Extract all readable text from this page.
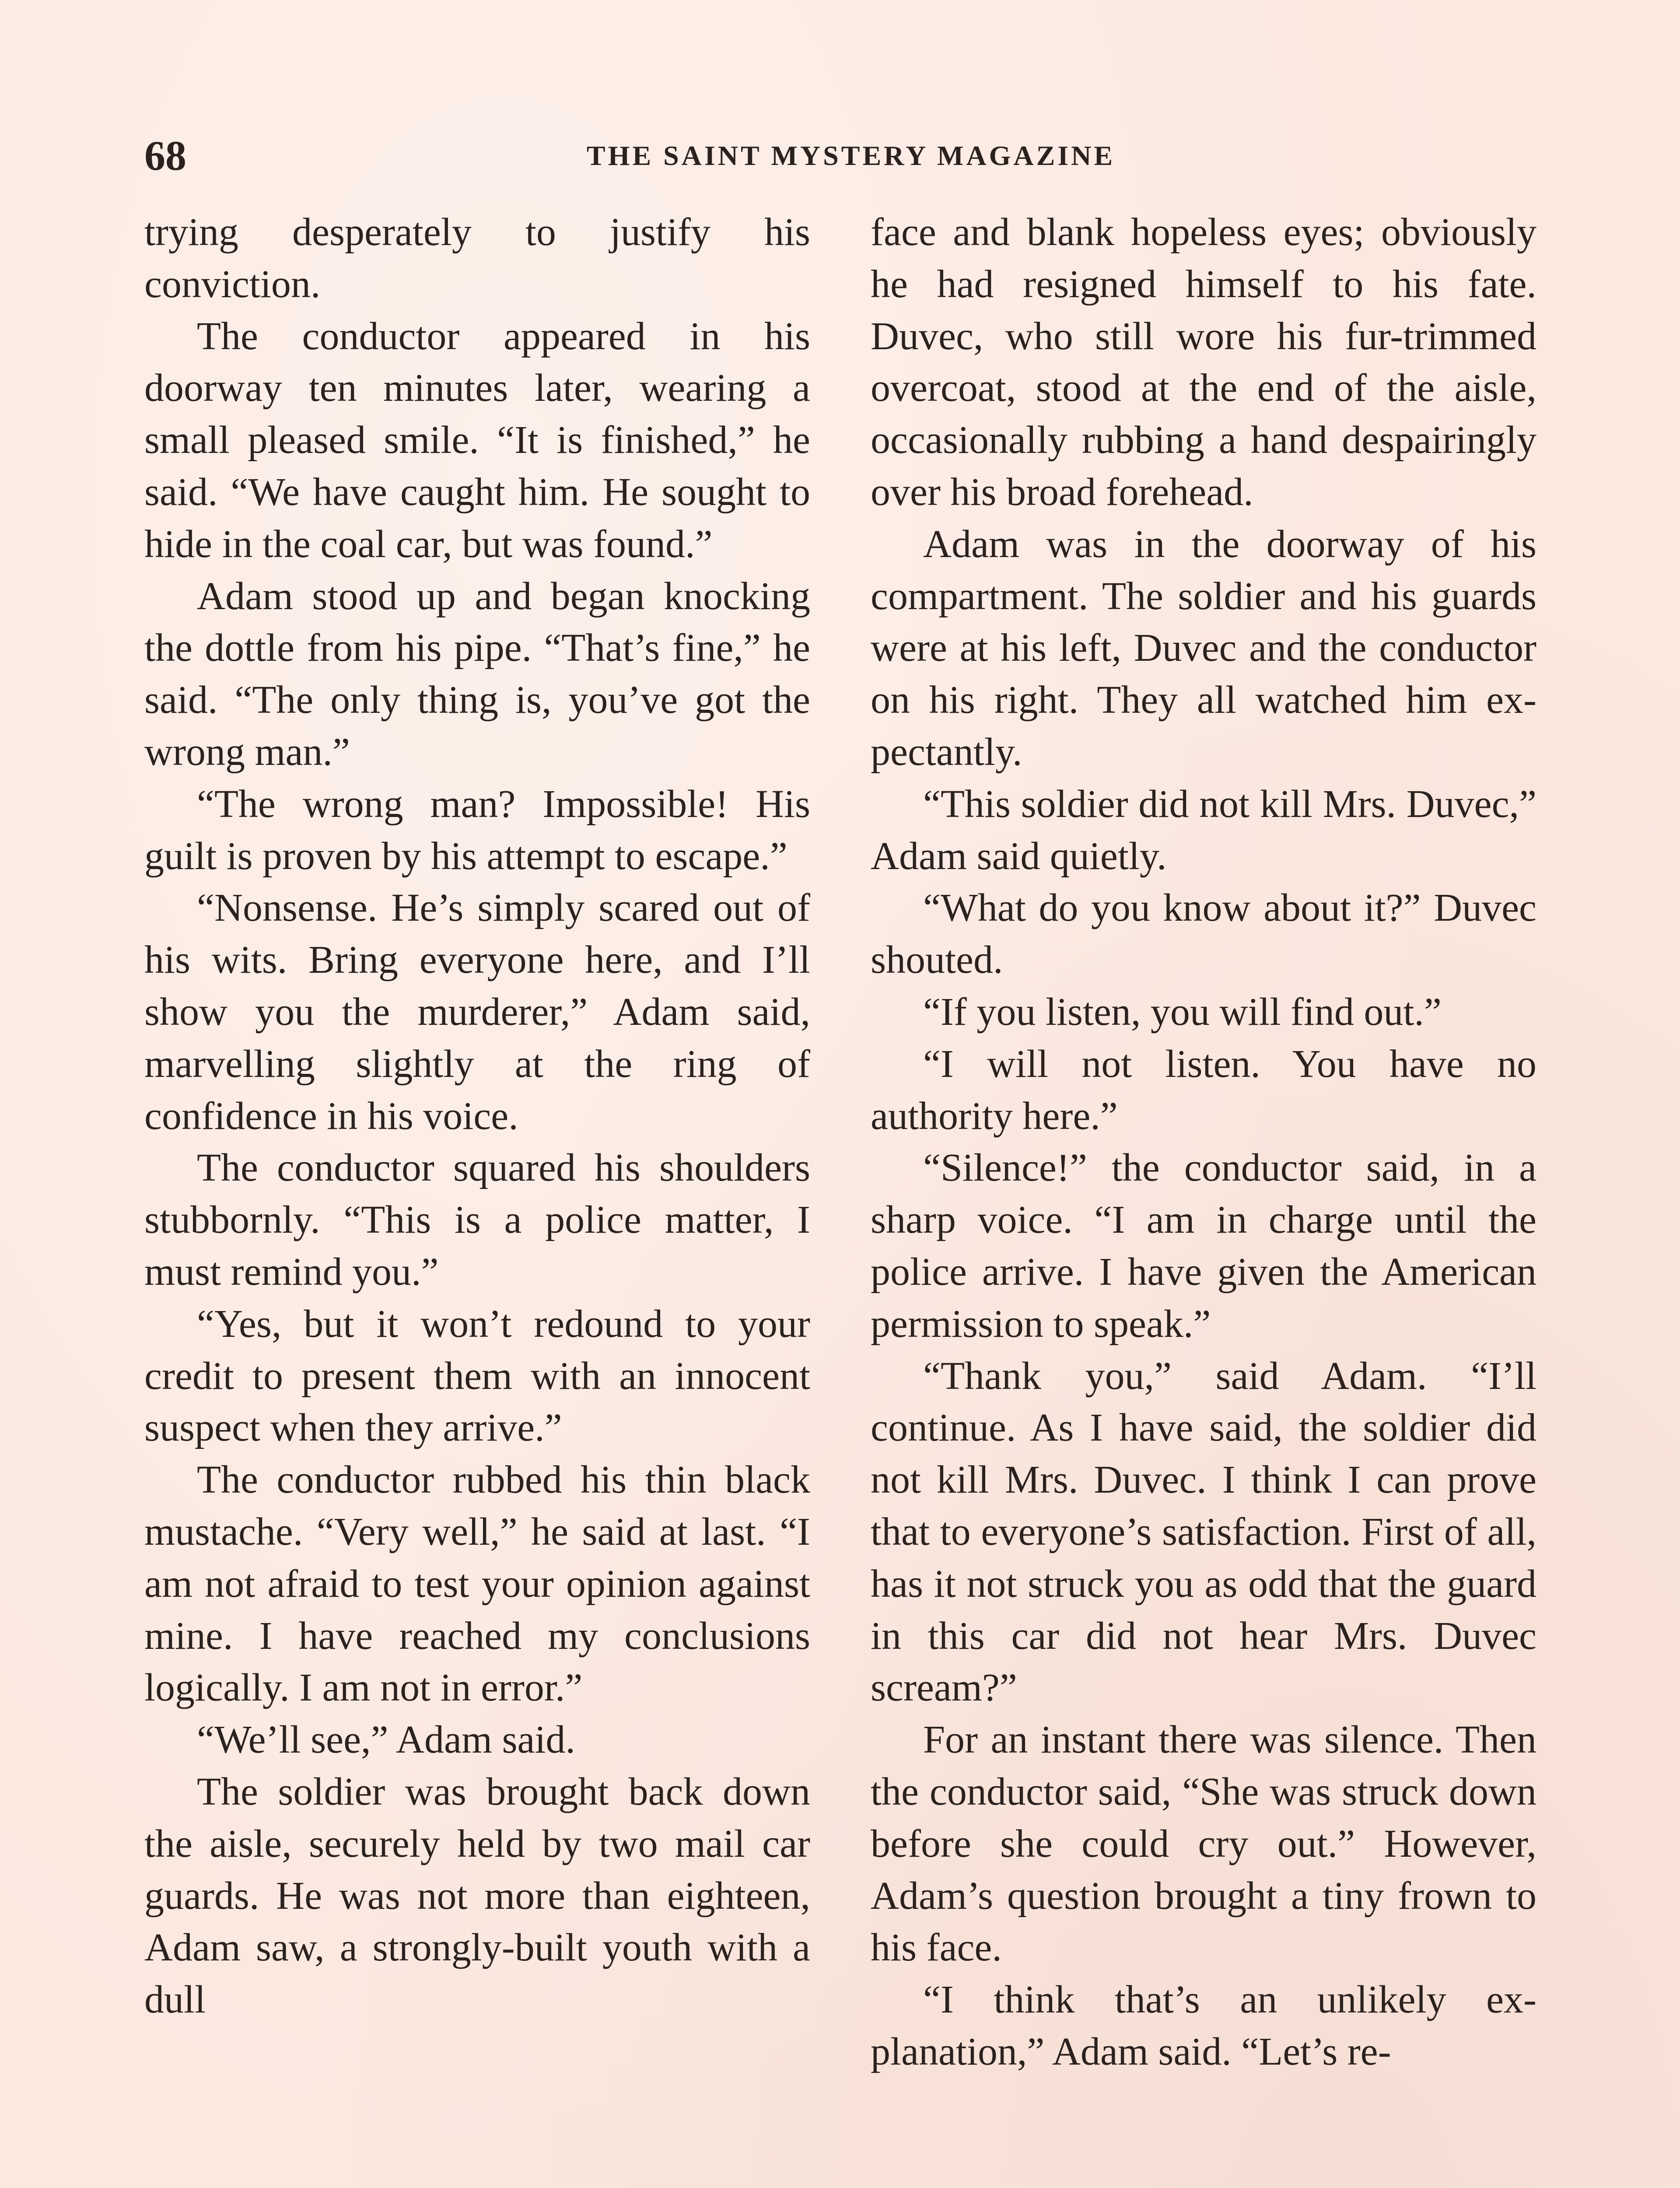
68	THE SAINT MYSTERY MAGAZINE

trying desperately to justify his conviction.

The conductor appeared in his doorway ten minutes later, wearing a small pleased smile. “It is finished,” he said. “We have caught him. He sought to hide in the coal car, but was found.”

Adam stood up and began knocking the dottle from his pipe. “That’s fine,” he said. “The only thing is, you’ve got the wrong man.”

“The wrong man? Impossible! His guilt is proven by his attempt to escape.”

“Nonsense. He’s simply scared out of his wits. Bring everyone here, and I’ll show you the murderer,” Adam said, marvelling slightly at the ring of confidence in his voice.

The conductor squared his shoulders stubbornly. “This is a police matter, I must remind you.”

“Yes, but it won’t redound to your credit to present them with an innocent suspect when they arrive.”

The conductor rubbed his thin black mustache. “Very well,” he said at last. “I am not afraid to test your opinion against mine. I have reached my conclusions logically. I am not in error.”

“We’ll see,” Adam said.

The soldier was brought back down the aisle, securely held by two mail car guards. He was not more than eighteen, Adam saw, a strongly-built youth with a dull

face and blank hopeless eyes; obviously he had resigned himself to his fate. Duvec, who still wore his fur-trimmed overcoat, stood at the end of the aisle, occasionally rubbing a hand despairingly over his broad forehead.

Adam was in the doorway of his compartment. The soldier and his guards were at his left, Duvec and the conductor on his right. They all watched him expectantly.

“This soldier did not kill Mrs. Duvec,” Adam said quietly.

“What do you know about it?” Duvec shouted.

“If you listen, you will find out.”

“I will not listen. You have no authority here.”

“Silence!” the conductor said, in a sharp voice. “I am in charge until the police arrive. I have given the American permission to speak.”

“Thank you,” said Adam. “I’ll continue. As I have said, the soldier did not kill Mrs. Duvec. I think I can prove that to everyone’s satisfaction. First of all, has it not struck you as odd that the guard in this car did not hear Mrs. Duvec scream?”

For an instant there was silence. Then the conductor said, “She was struck down before she could cry out.” However, Adam’s question brought a tiny frown to his face.

“I think that’s an unlikely explanation,” Adam said. “Let’s re-
